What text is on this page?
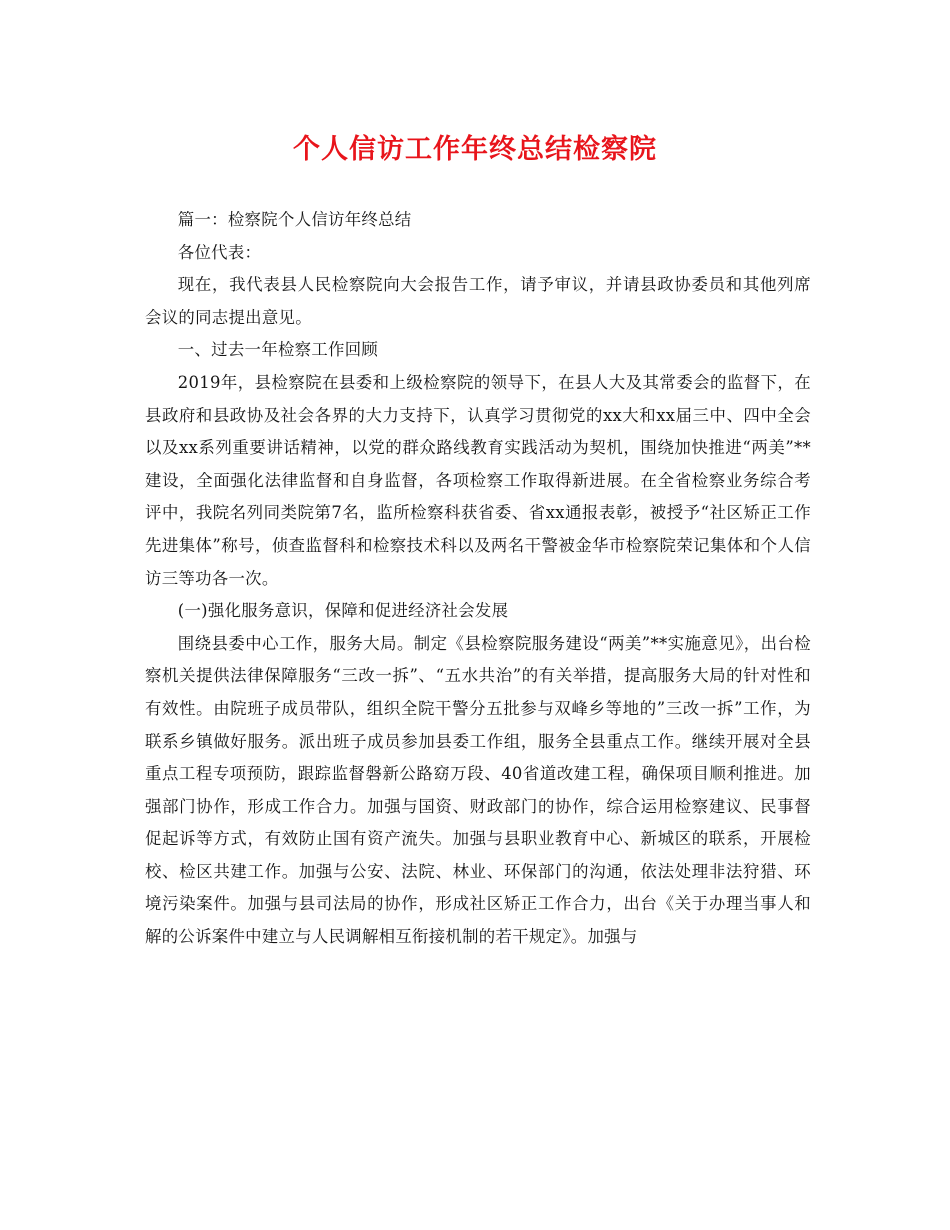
个人信访工作年终总结检察院

篇一：检察院个人信访年终总结

各位代表：

现在，我代表县人民检察院向大会报告工作，请予审议，并请县政协委员和其他列席会议的同志提出意见。

一、过去一年检察工作回顾

2019年，县检察院在县委和上级检察院的领导下，在县人大及其常委会的监督下，在县政府和县政协及社会各界的大力支持下，认真学习贯彻党的xx大和xx届三中、四中全会以及xx系列重要讲话精神，以党的群众路线教育实践活动为契机，围绕加快推进“两美”**建设，全面强化法律监督和自身监督，各项检察工作取得新进展。在全省检察业务综合考评中，我院名列同类院第7名，监所检察科获省委、省xx通报表彰，被授予“社区矫正工作先进集体”称号，侦查监督科和检察技术科以及两名干警被金华市检察院荣记集体和个人信访三等功各一次。

(一)强化服务意识，保障和促进经济社会发展

围绕县委中心工作，服务大局。制定《县检察院服务建设“两美”**实施意见》，出台检察机关提供法律保障服务“三改一拆”、“五水共治”的有关举措，提高服务大局的针对性和有效性。由院班子成员带队，组织全院干警分五批参与双峰乡等地的”三改一拆”工作，为联系乡镇做好服务。派出班子成员参加县委工作组，服务全县重点工作。继续开展对全县重点工程专项预防，跟踪监督磐新公路窈万段、40省道改建工程，确保项目顺利推进。加强部门协作，形成工作合力。加强与国资、财政部门的协作，综合运用检察建议、民事督促起诉等方式，有效防止国有资产流失。加强与县职业教育中心、新城区的联系，开展检校、检区共建工作。加强与公安、法院、林业、环保部门的沟通，依法处理非法狩猎、环境污染案件。加强与县司法局的协作，形成社区矫正工作合力，出台《关于办理当事人和解的公诉案件中建立与人民调解相互衔接机制的若干规定》。加强与
